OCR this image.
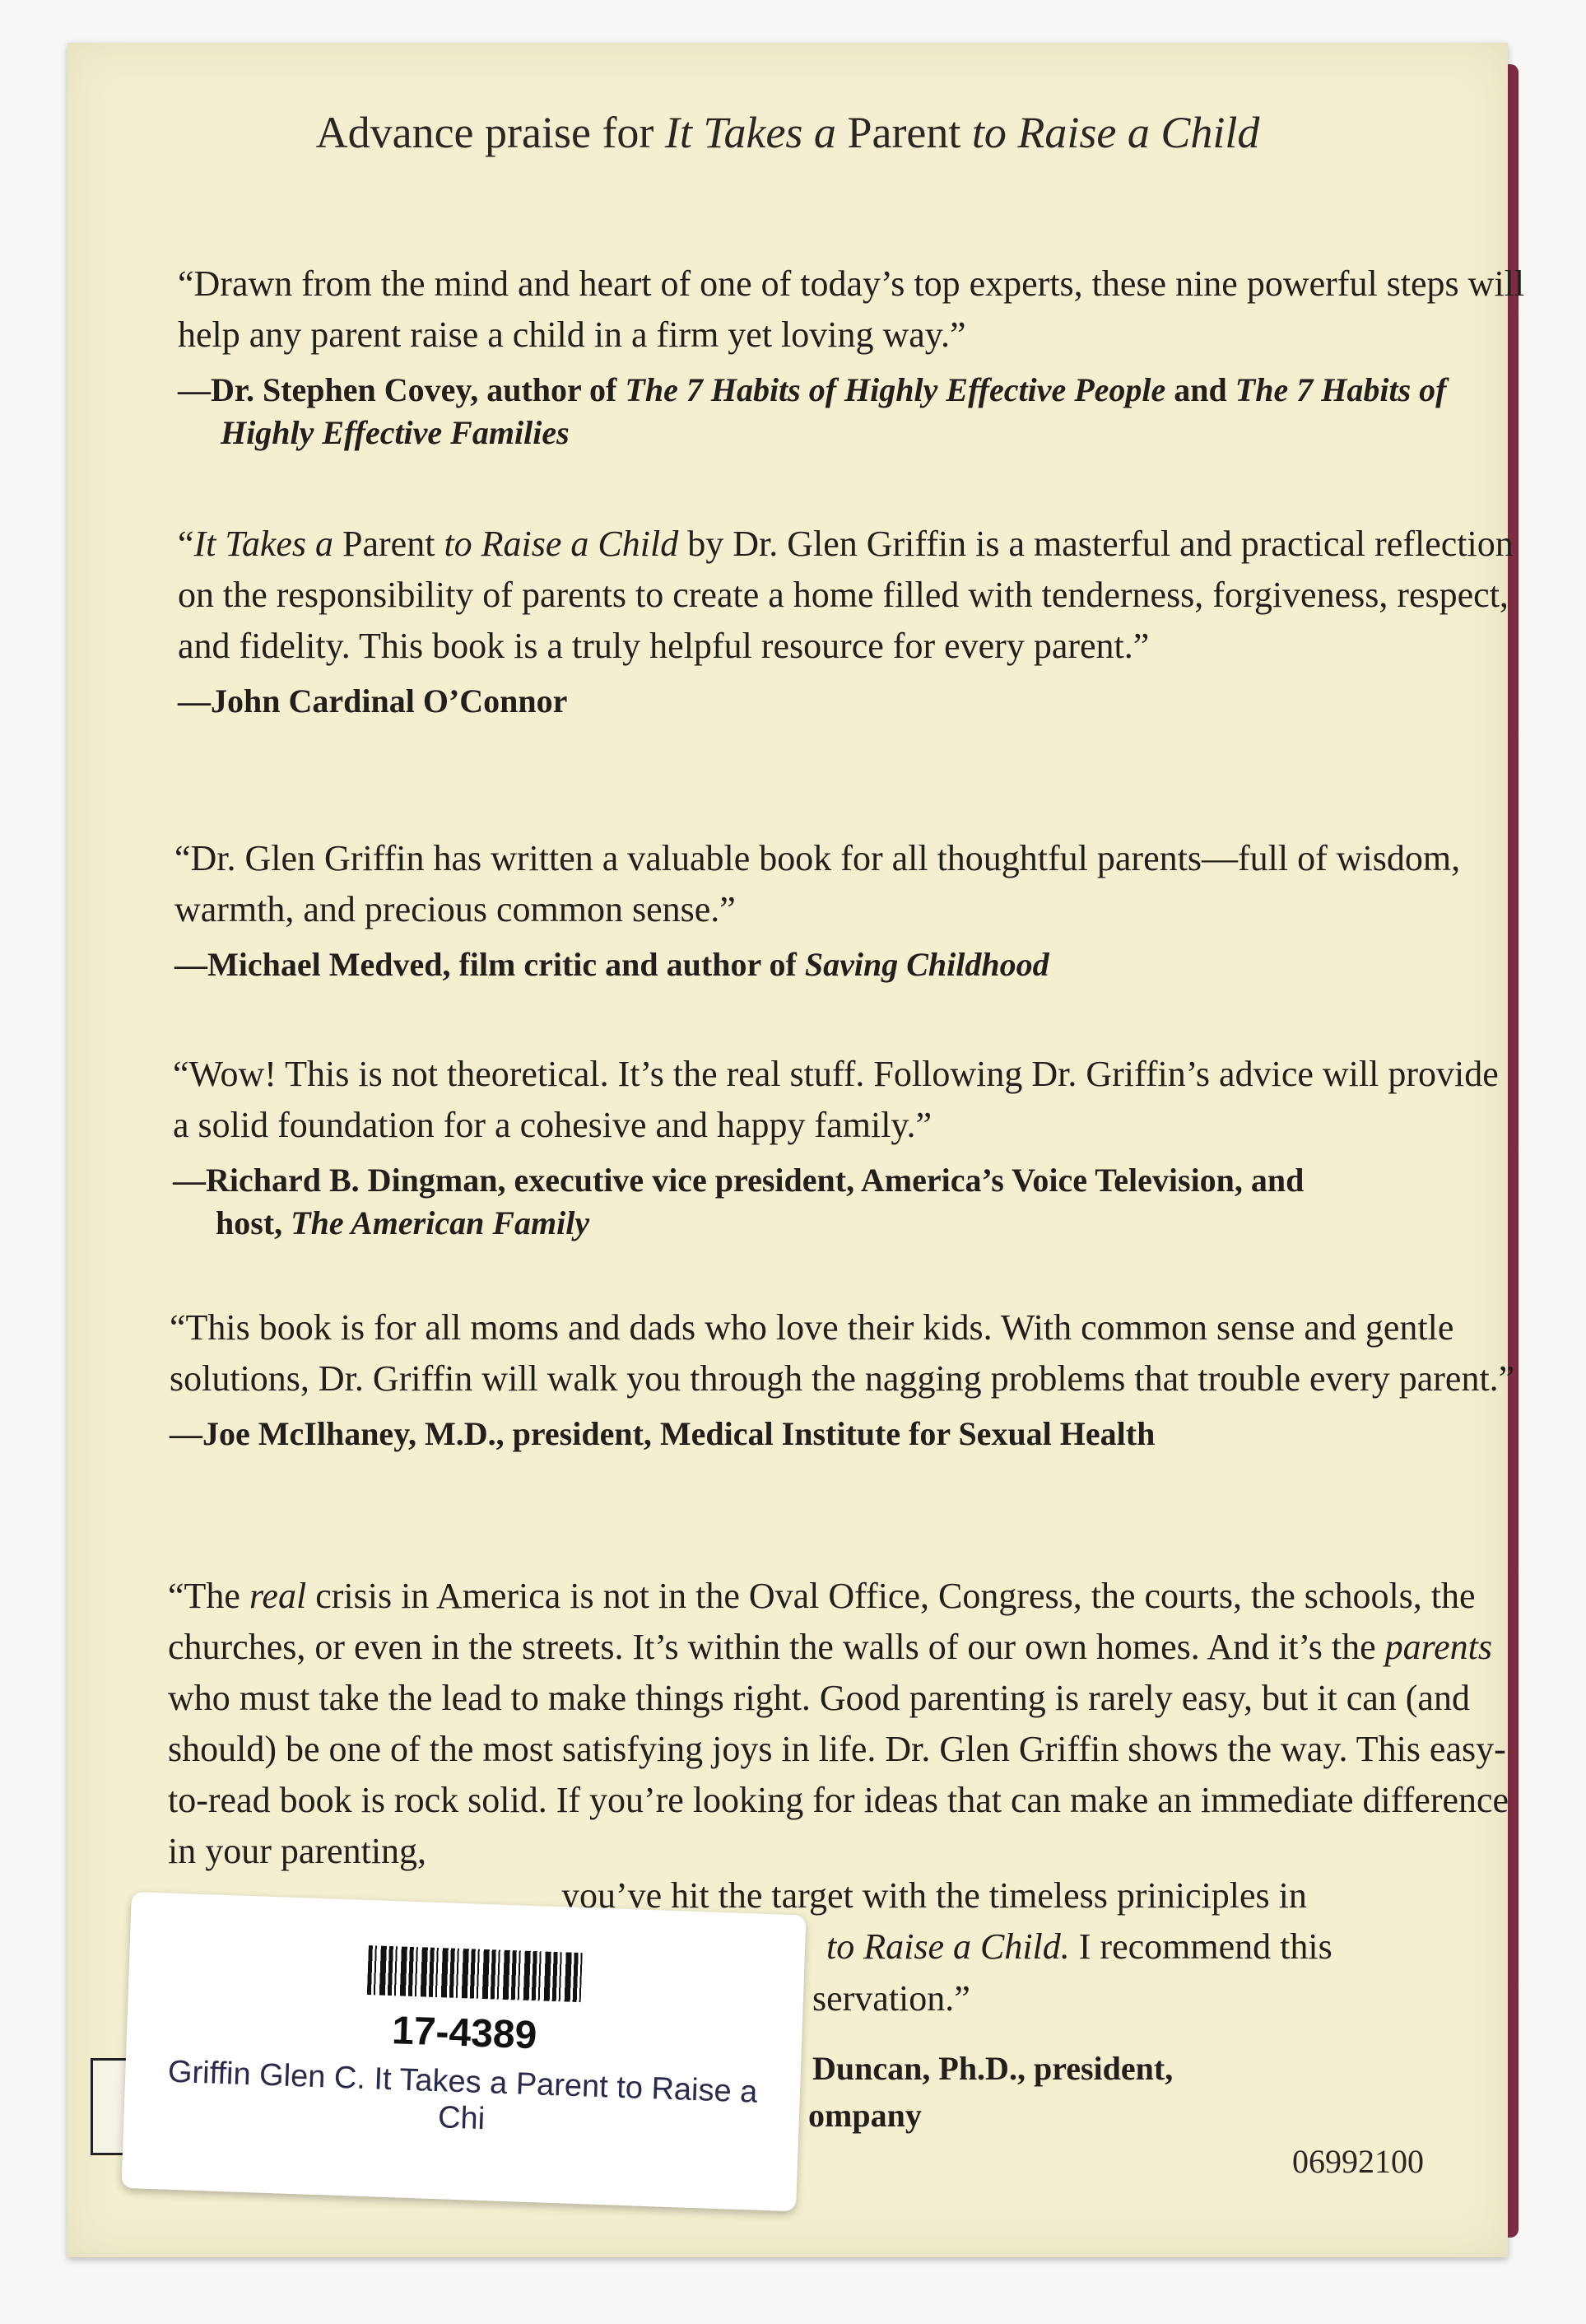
Advance praise for It Takes a Parent to Raise a Child

“Drawn from the mind and heart of one of today’s top experts, these nine powerful steps will help any parent raise a child in a firm yet loving way.”

—Dr. Stephen Covey, author of The 7 Habits of Highly Effective People and The 7 Habits of Highly Effective Families

“It Takes a Parent to Raise a Child by Dr. Glen Griffin is a masterful and practical reflection on the responsibility of parents to create a home filled with tenderness, forgiveness, respect, and fidelity. This book is a truly helpful resource for every parent.”

—John Cardinal O’Connor

“Dr. Glen Griffin has written a valuable book for all thoughtful parents—full of wisdom, warmth, and precious common sense.”

—Michael Medved, film critic and author of Saving Childhood

“Wow! This is not theoretical. It’s the real stuff. Following Dr. Griffin’s advice will provide a solid foundation for a cohesive and happy family.”

—Richard B. Dingman, executive vice president, America’s Voice Television, and host, The American Family

“This book is for all moms and dads who love their kids. With common sense and gentle solutions, Dr. Griffin will walk you through the nagging problems that trouble every parent.”

—Joe McIlhaney, M.D., president, Medical Institute for Sexual Health

“The real crisis in America is not in the Oval Office, Congress, the courts, the schools, the churches, or even in the streets. It’s within the walls of our own homes. And it’s the parents who must take the lead to make things right. Good parenting is rarely easy, but it can (and should) be one of the most satisfying joys in life. Dr. Glen Griffin shows the way. This easy-to-read book is rock solid. If you’re looking for ideas that can make an immediate difference in your parenting,

you’ve hit the target with the timeless priniciples in
to Raise a Child. I recommend this
servation.”
Duncan, Ph.D., president,
ompany
06992100
17-4389
Griffin Glen C. It Takes a Parent to Raise a Chi
